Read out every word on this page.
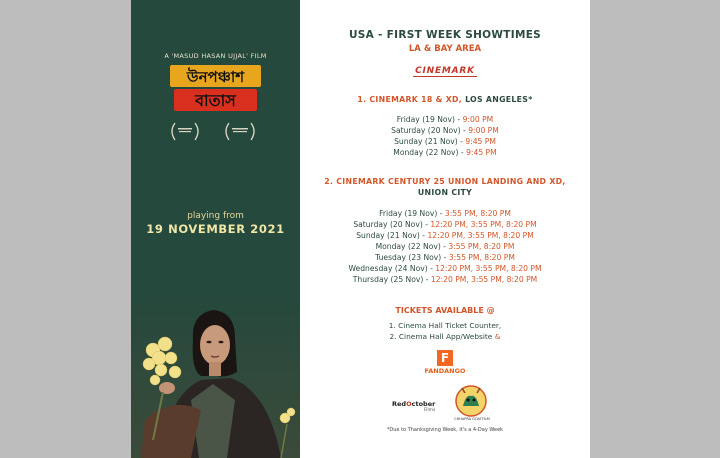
A 'MASUD HASAN UJJAL' FILM
উনপঞ্চাশ
বাতাস
playing from
19 NOVEMBER 2021
USA - FIRST WEEK SHOWTIMES
LA & BAY AREA
CINEMARK
1. CINEMARK 18 & XD, LOS ANGELES*
Friday (19 Nov) - 9:00 PM
Saturday (20 Nov) - 9:00 PM
Sunday (21 Nov) - 9:45 PM
Monday (22 Nov) - 9:45 PM
2. CINEMARK CENTURY 25 UNION LANDING AND XD,
UNION CITY
Friday (19 Nov) - 3:55 PM, 8:20 PM
Saturday (20 Nov) - 12:20 PM, 3:55 PM, 8:20 PM
Sunday (21 Nov) - 12:20 PM, 3:55 PM, 8:20 PM
Monday (22 Nov) - 3:55 PM, 8:20 PM
Tuesday (23 Nov) - 3:55 PM, 8:20 PM
Wednesday (24 Nov) - 12:20 PM, 3:55 PM, 8:20 PM
Thursday (25 Nov) - 12:20 PM, 3:55 PM, 8:20 PM
TICKETS AVAILABLE @
1. Cinema Hall Ticket Counter,
2. Cinema Hall App/Website &
F
FANDANGO
RedOctober
Films
CHHAPRA GOATFILM
*Due to Thanksgiving Week, it's a 4-Day Week
